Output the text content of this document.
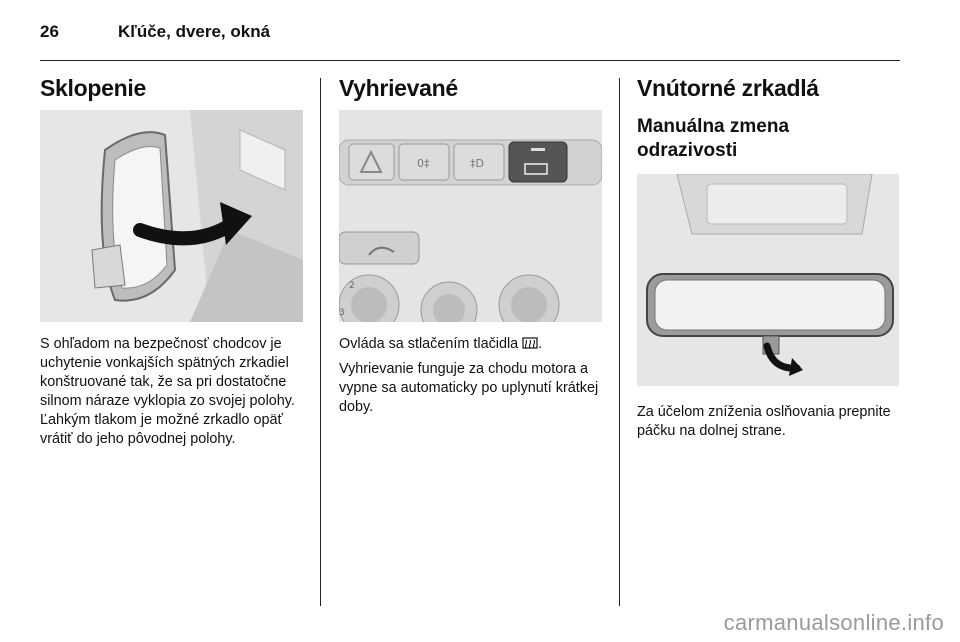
26	Kľúče, dvere, okná
Sklopenie

S ohľadom na bezpečnosť chodcov je uchytenie vonkajších spätných zrkadiel konštruované tak, že sa pri dostatočne silnom náraze vyklopia zo svojej polohy. Ľahkým tlakom je možné zrkadlo opäť vrátiť do jeho pôvodnej polohy.

Vyhrievané
0‡	‡D
2
3

Ovláda sa stlačením tlačidla .

Vyhrievanie funguje za chodu motora a vypne sa automaticky po uplynutí krátkej doby.

Vnútorné zrkadlá
Manuálna zmena odrazivosti

Za účelom zníženia oslňovania prepnite páčku na dolnej strane.

carmanualsonline.info
